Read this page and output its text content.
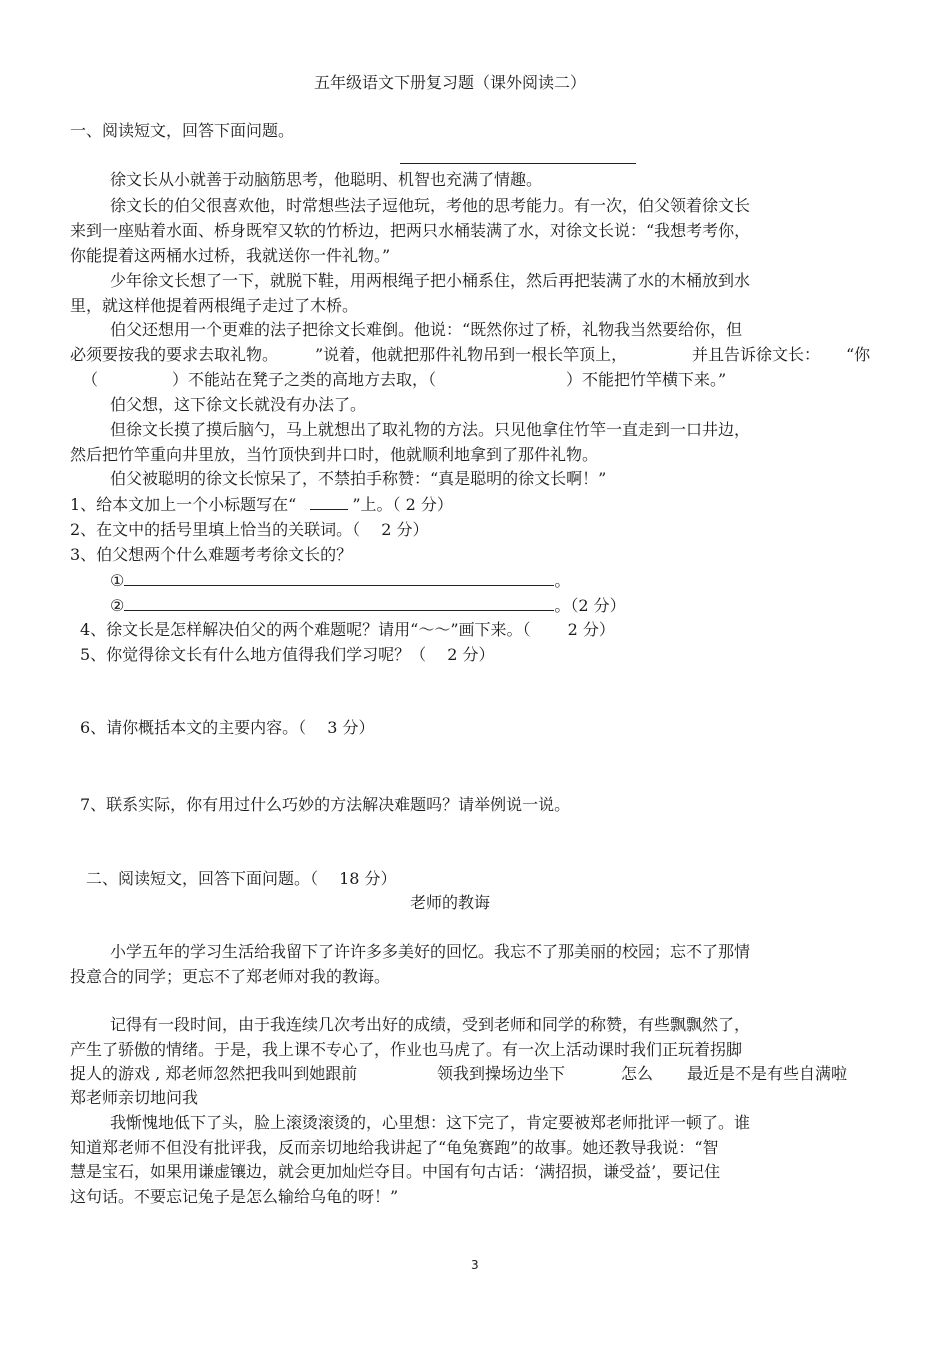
五年级语文下册复习题（课外阅读二）
一、阅读短文，回答下面问题。
徐文长从小就善于动脑筋思考，他聪明、机智也充满了情趣。
徐文长的伯父很喜欢他，时常想些法子逗他玩，考他的思考能力。有一次，伯父领着徐文长
来到一座贴着水面、桥身既窄又软的竹桥边，把两只水桶装满了水，对徐文长说：“我想考考你，
你能提着这两桶水过桥，我就送你一件礼物。”
少年徐文长想了一下，就脱下鞋，用两根绳子把小桶系住，然后再把装满了水的木桶放到水
里，就这样他提着两根绳子走过了木桥。
伯父还想用一个更难的法子把徐文长难倒。他说：“既然你过了桥，礼物我当然要给你，但
必须要按我的要求去取礼物。 ”说着，他就把那件礼物吊到一根长竿顶上，	并且告诉徐文长： “你
（	）不能站在凳子之类的高地方去取，（	）不能把竹竿横下来。”
伯父想，这下徐文长就没有办法了。
但徐文长摸了摸后脑勺，马上就想出了取礼物的方法。只见他拿住竹竿一直走到一口井边，
然后把竹竿重向井里放，当竹顶快到井口时，他就顺利地拿到了那件礼物。
伯父被聪明的徐文长惊呆了，不禁拍手称赞：“真是聪明的徐文长啊！”
1、给本文加上一个小标题写在“	”上。（ 2 分）
2、在文中的括号里填上恰当的关联词。（　 2 分）
3、伯父想两个什么难题考考徐文长的？
①	。
②	。（2 分）
4、徐文长是怎样解决伯父的两个难题呢？请用“～～”画下来。（　　 2 分）
5、你觉得徐文长有什么地方值得我们学习呢？（　 2 分）
6、请你概括本文的主要内容。（　 3 分）
7、联系实际，你有用过什么巧妙的方法解决难题吗？请举例说一说。
二、阅读短文，回答下面问题。（　 18 分）
老师的教诲
小学五年的学习生活给我留下了许许多多美好的回忆。我忘不了那美丽的校园；忘不了那情
投意合的同学；更忘不了郑老师对我的教诲。
记得有一段时间，由于我连续几次考出好的成绩，受到老师和同学的称赞，有些飘飘然了，
产生了骄傲的情绪。于是，我上课不专心了，作业也马虎了。有一次上活动课时我们正玩着拐脚
捉人的游戏 , 郑老师忽然把我叫到她跟前	领我到操场边坐下	怎么 最近是不是有些自满啦
郑老师亲切地问我
我惭愧地低下了头，脸上滚烫滚烫的，心里想：这下完了，肯定要被郑老师批评一顿了。谁
知道郑老师不但没有批评我，反而亲切地给我讲起了“龟兔赛跑”的故事。她还教导我说：“智
慧是宝石，如果用谦虚镶边，就会更加灿烂夺目。中国有句古话：‘满招损，谦受益’，要记住
这句话。不要忘记兔子是怎么输给乌龟的呀！”
3
